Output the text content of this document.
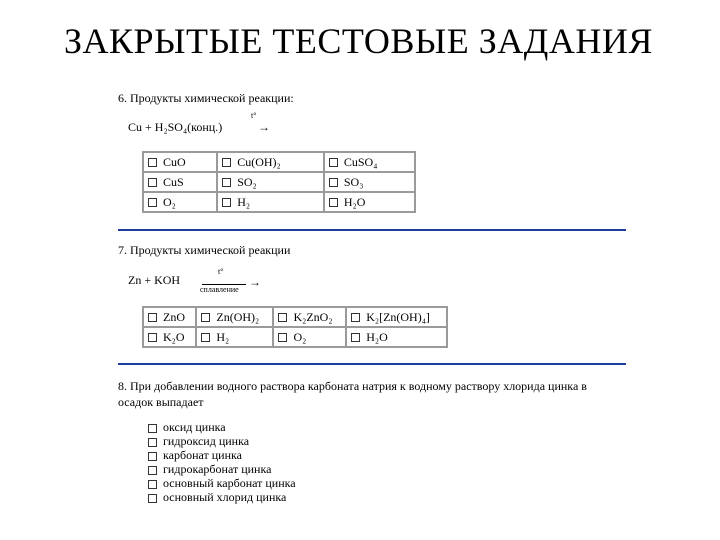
ЗАКРЫТЫЕ ТЕСТОВЫЕ ЗАДАНИЯ
6. Продукты химической реакции:
Cu + H₂SO₄(конц.)
t°
→
CuO	Cu(OH)₂	CuSO₄
CuS	SO₂	SO₃
O₂	H₂	H₂O
7. Продукты химической реакции
Zn + KOH
t°
сплавление
→
ZnO	Zn(OH)₂	K₂ZnO₂	K₂[Zn(OH)₄]
K₂O	H₂	O₂	H₂O
8. При добавлении водного раствора карбоната натрия к водному раствору хлорида цинка в
осадок выпадает
оксид цинка
гидроксид цинка
карбонат цинка
гидрокарбонат цинка
основный карбонат цинка
основный хлорид цинка
